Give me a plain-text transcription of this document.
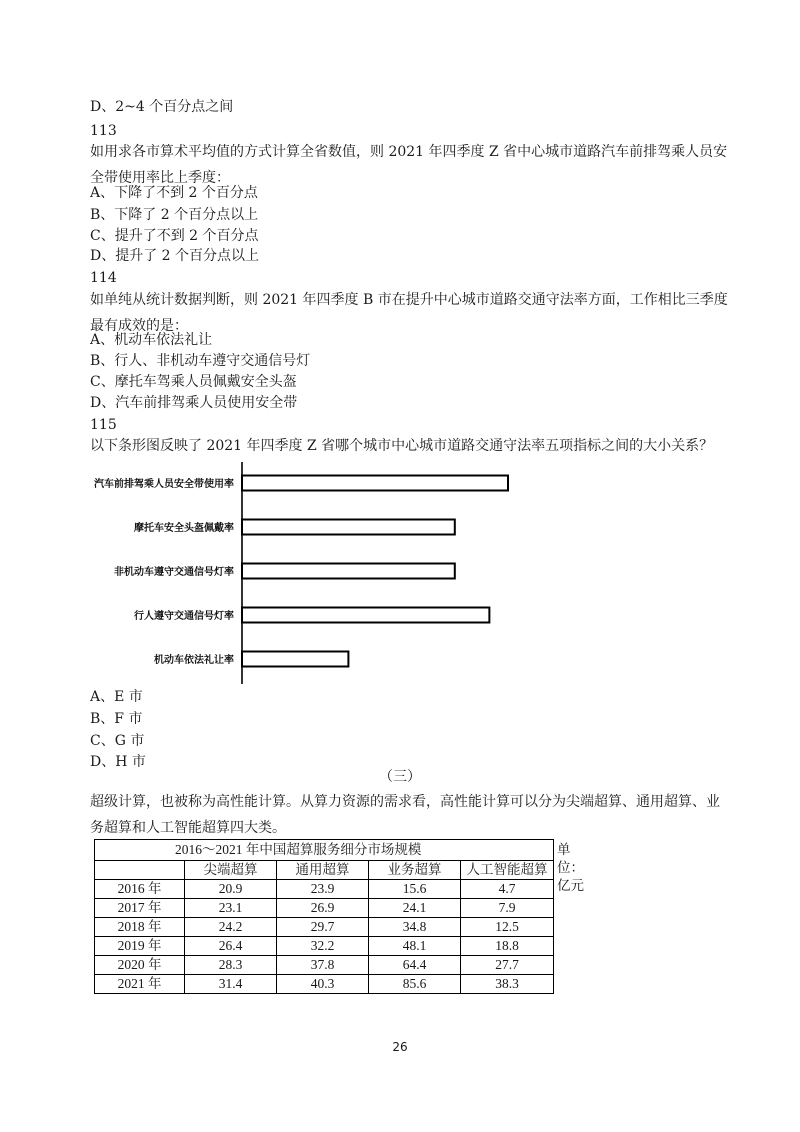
D、2~4 个百分点之间
113
如用求各市算术平均值的方式计算全省数值，则 2021 年四季度 Z 省中心城市道路汽车前排驾乘人员安全带使用率比上季度：
A、下降了不到 2 个百分点
B、下降了 2 个百分点以上
C、提升了不到 2 个百分点
D、提升了 2 个百分点以上
114
如单纯从统计数据判断，则 2021 年四季度 B 市在提升中心城市道路交通守法率方面，工作相比三季度最有成效的是：
A、机动车依法礼让
B、行人、非机动车遵守交通信号灯
C、摩托车驾乘人员佩戴安全头盔
D、汽车前排驾乘人员使用安全带
115
以下条形图反映了 2021 年四季度 Z 省哪个城市中心城市道路交通守法率五项指标之间的大小关系？
汽车前排驾乘人员安全带使用率
摩托车安全头盔佩戴率
非机动车遵守交通信号灯率
行人遵守交通信号灯率
机动车依法礼让率
A、E 市
B、F 市
C、G 市
D、H 市
（三）
超级计算，也被称为高性能计算。从算力资源的需求看，高性能计算可以分为尖端超算、通用超算、业务超算和人工智能超算四大类。
2016～2021 年中国超算服务细分市场规模 单位：亿元				

	尖端超算	通用超算	业务超算	人工智能超算
2016 年	20.9	23.9	15.6	4.7
2017 年	23.1	26.9	24.1	7.9
2018 年	24.2	29.7	34.8	12.5
2019 年	26.4	32.2	48.1	18.8
2020 年	28.3	37.8	64.4	27.7
2021 年	31.4	40.3	85.6	38.3
26
